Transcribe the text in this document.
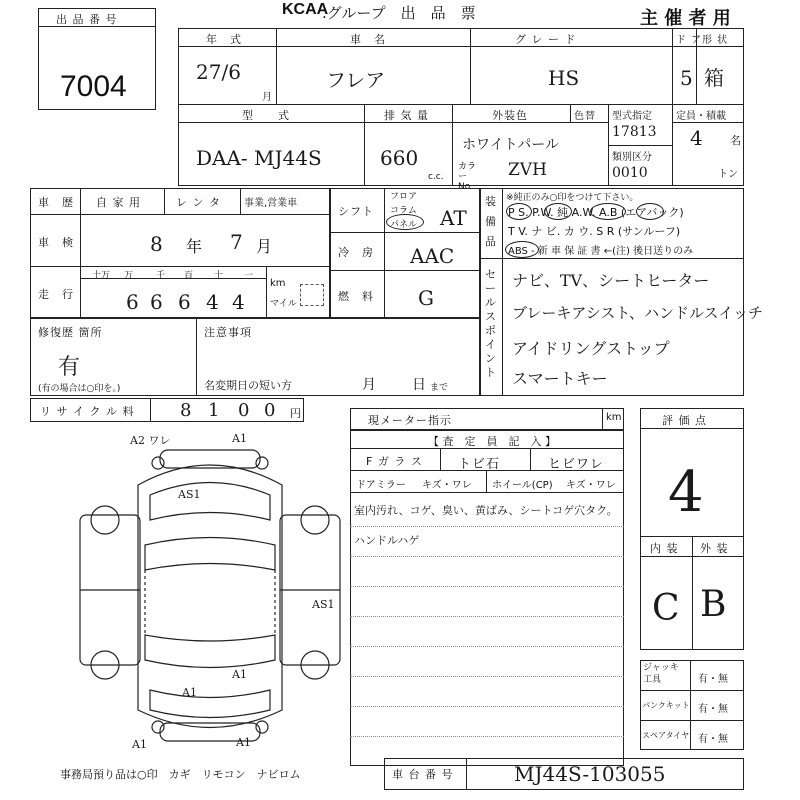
出 品 番 号
7004
KCAA
.グループ　出　品　票	主 催 者 用
年　式
27/6
月
車　名
フレア
グ レ ー ド
HS
ド ア
5
形 状
箱
型　　式
DAA- MJ44S
排 気 量
660
c.c.
外装色	色替
ホワイトパール
カラー No.
ZVH
型式指定
17813
類別区分
0010
定員・積載
4 名
トン
車　歴 自 家 用	レ ン タ 事業,営業車
車　検	8 年 7 月
走　行
十万 万	千 百 十 一
6 6 6 4 4
km
マイル
シフト
フロア
コラム
パネル AT
冷　房 AAC
燃　料 G
装備品
※純正のみ○印をつけて下さい。
P S. P.W. 純 A.W. A.B (エアバック)
T V. ナ ビ. カ ウ. S R (サンルーフ)
ABS - 新 車 保 証 書 ←(注) 後日送りのみ
セールスポイント
ナビ、TV、シートヒーター
ブレーキアシスト、ハンドルスイッチ
アイドリングストップ
スマートキー
修復歴 箇所
有
(有の場合は○印を。)
注意事項
名変期日の短い方	月	日 まで
リ サ イ ク ル 料	8 1 0 0 円
A2 ワレ	A1
A1
A1
A1	A1
AS1
AS1
現メーター指示	km
【 査　定　員　記　入 】
F ガ ラ ス	トビ石	ヒビワレ
ドアミラー キズ・ワレ ホイール(CP) キズ・ワレ
室内汚れ、コゲ、臭い、黄ばみ、シートコゲ穴タク。
ハンドルハゲ
評 価 点
4
内 装 外 装
C B
ジャッキ 工具	有・無
パンクキット 有・無
スペアタイヤ 有・無
事務局預り品は○印　カギ　リモコン　ナビロム	車 台 番 号	MJ44S-103055
